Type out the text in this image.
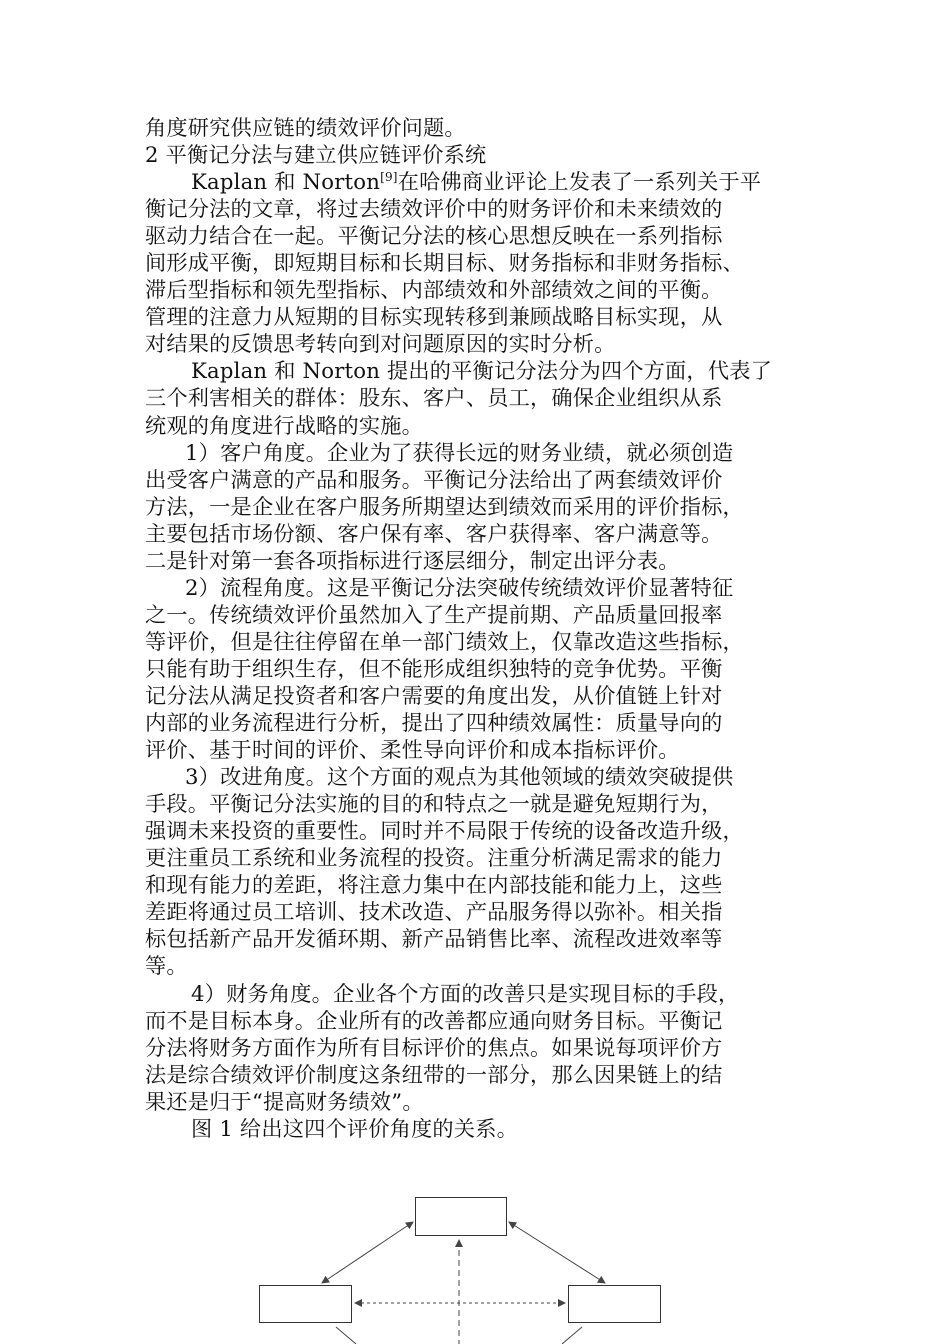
角度研究供应链的绩效评价问题。
2 平衡记分法与建立供应链评价系统
Kaplan 和 Norton[9]在哈佛商业评论上发表了一系列关于平
衡记分法的文章，将过去绩效评价中的财务评价和未来绩效的
驱动力结合在一起。平衡记分法的核心思想反映在一系列指标
间形成平衡，即短期目标和长期目标、财务指标和非财务指标、
滞后型指标和领先型指标、内部绩效和外部绩效之间的平衡。
管理的注意力从短期的目标实现转移到兼顾战略目标实现，从
对结果的反馈思考转向到对问题原因的实时分析。
Kaplan 和 Norton 提出的平衡记分法分为四个方面，代表了
三个利害相关的群体：股东、客户、员工，确保企业组织从系
统观的角度进行战略的实施。
1）客户角度。企业为了获得长远的财务业绩，就必须创造
出受客户满意的产品和服务。平衡记分法给出了两套绩效评价
方法，一是企业在客户服务所期望达到绩效而采用的评价指标，
主要包括市场份额、客户保有率、客户获得率、客户满意等。
二是针对第一套各项指标进行逐层细分，制定出评分表。
2）流程角度。这是平衡记分法突破传统绩效评价显著特征
之一。传统绩效评价虽然加入了生产提前期、产品质量回报率
等评价，但是往往停留在单一部门绩效上，仅靠改造这些指标，
只能有助于组织生存，但不能形成组织独特的竞争优势。平衡
记分法从满足投资者和客户需要的角度出发，从价值链上针对
内部的业务流程进行分析，提出了四种绩效属性：质量导向的
评价、基于时间的评价、柔性导向评价和成本指标评价。
3）改进角度。这个方面的观点为其他领域的绩效突破提供
手段。平衡记分法实施的目的和特点之一就是避免短期行为，
强调未来投资的重要性。同时并不局限于传统的设备改造升级，
更注重员工系统和业务流程的投资。注重分析满足需求的能力
和现有能力的差距，将注意力集中在内部技能和能力上，这些
差距将通过员工培训、技术改造、产品服务得以弥补。相关指
标包括新产品开发循环期、新产品销售比率、流程改进效率等
等。
4）财务角度。企业各个方面的改善只是实现目标的手段，
而不是目标本身。企业所有的改善都应通向财务目标。平衡记
分法将财务方面作为所有目标评价的焦点。如果说每项评价方
法是综合绩效评价制度这条纽带的一部分，那么因果链上的结
果还是归于“提高财务绩效”。
图 1 给出这四个评价角度的关系。
